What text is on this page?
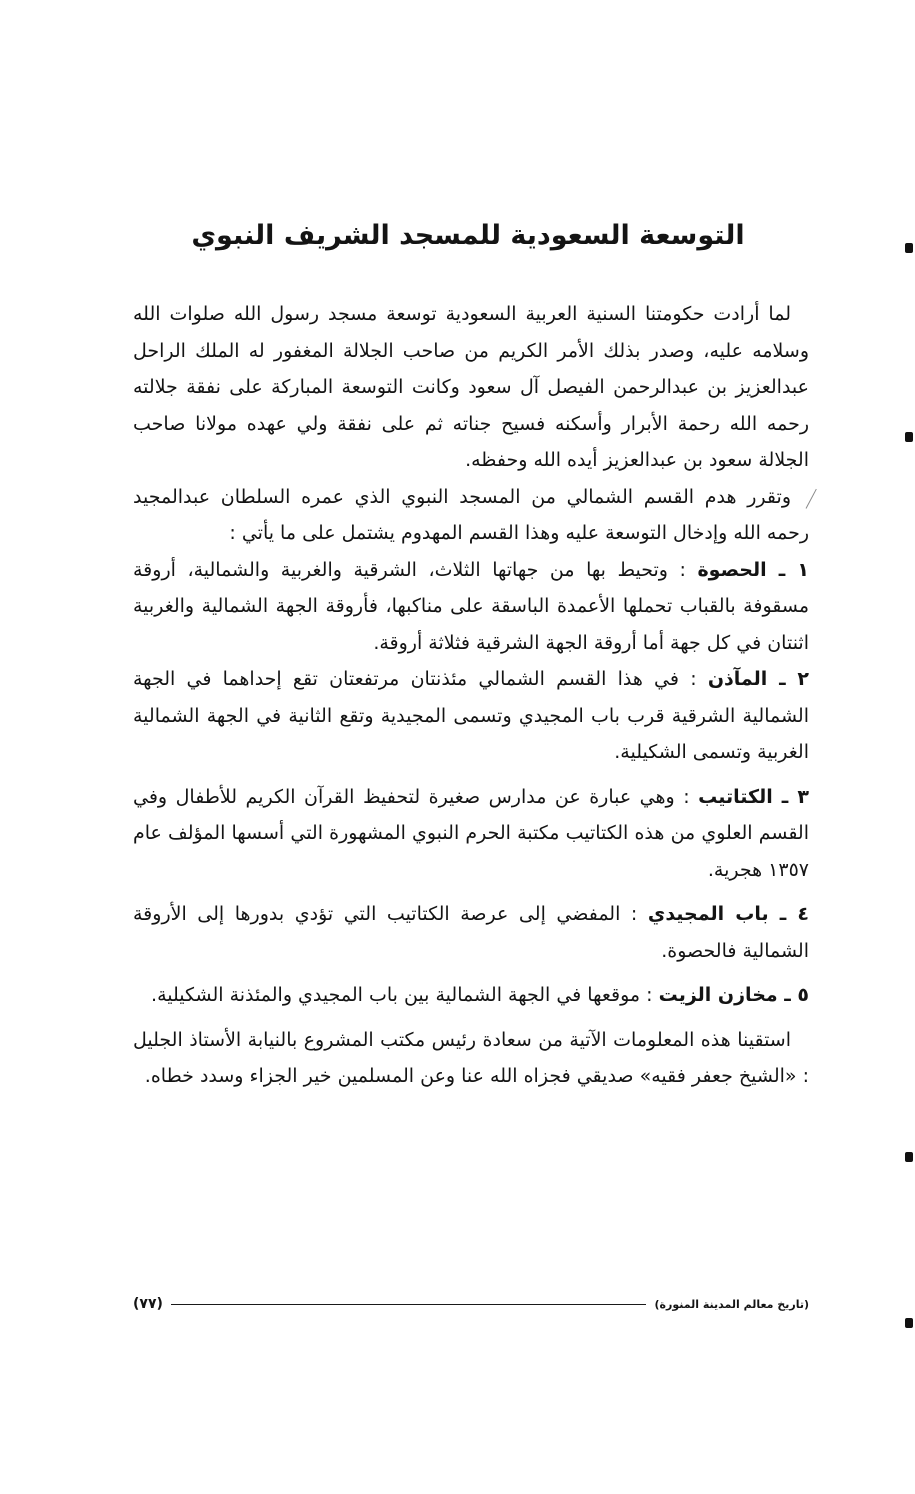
التوسعة السعودية للمسجد الشريف النبوي

لما أرادت حكومتنا السنية العربية السعودية توسعة مسجد رسول الله صلوات الله وسلامه عليه، وصدر بذلك الأمر الكريم من صاحب الجلالة المغفور له الملك الراحل عبدالعزيز بن عبدالرحمن الفيصل آل سعود وكانت التوسعة المباركة على نفقة جلالته رحمه الله رحمة الأبرار وأسكنه فسيح جناته ثم على نفقة ولي عهده مولانا صاحب الجلالة سعود بن عبدالعزيز أيده الله وحفظه.

وتقرر هدم القسم الشمالي من المسجد النبوي الذي عمره السلطان عبدالمجيد رحمه الله وإدخال التوسعة عليه وهذا القسم المهدوم يشتمل على ما يأتي :

١ ـ الحصوة : وتحيط بها من جهاتها الثلاث، الشرقية والغربية والشمالية، أروقة مسقوفة بالقباب تحملها الأعمدة الباسقة على مناكبها، فأروقة الجهة الشمالية والغربية اثنتان في كل جهة أما أروقة الجهة الشرقية فثلاثة أروقة.

٢ ـ المآذن : في هذا القسم الشمالي مئذنتان مرتفعتان تقع إحداهما في الجهة الشمالية الشرقية قرب باب المجيدي وتسمى المجيدية وتقع الثانية في الجهة الشمالية الغربية وتسمى الشكيلية.

٣ ـ الكتاتيب : وهي عبارة عن مدارس صغيرة لتحفيظ القرآن الكريم للأطفال وفي القسم العلوي من هذه الكتاتيب مكتبة الحرم النبوي المشهورة التي أسسها المؤلف عام ١٣٥٧ هجرية.

٤ ـ باب المجيدي : المفضي إلى عرصة الكتاتيب التي تؤدي بدورها إلى الأروقة الشمالية فالحصوة.

٥ ـ مخازن الزيت : موقعها في الجهة الشمالية بين باب المجيدي والمئذنة الشكيلية.

استقينا هذه المعلومات الآتية من سعادة رئيس مكتب المشروع بالنيابة الأستاذ الجليل : «الشيخ جعفر فقيه» صديقي فجزاه الله عنا وعن المسلمين خير الجزاء وسدد خطاه.

(تاريخ معالم المدينة المنورة)
(٧٧)
